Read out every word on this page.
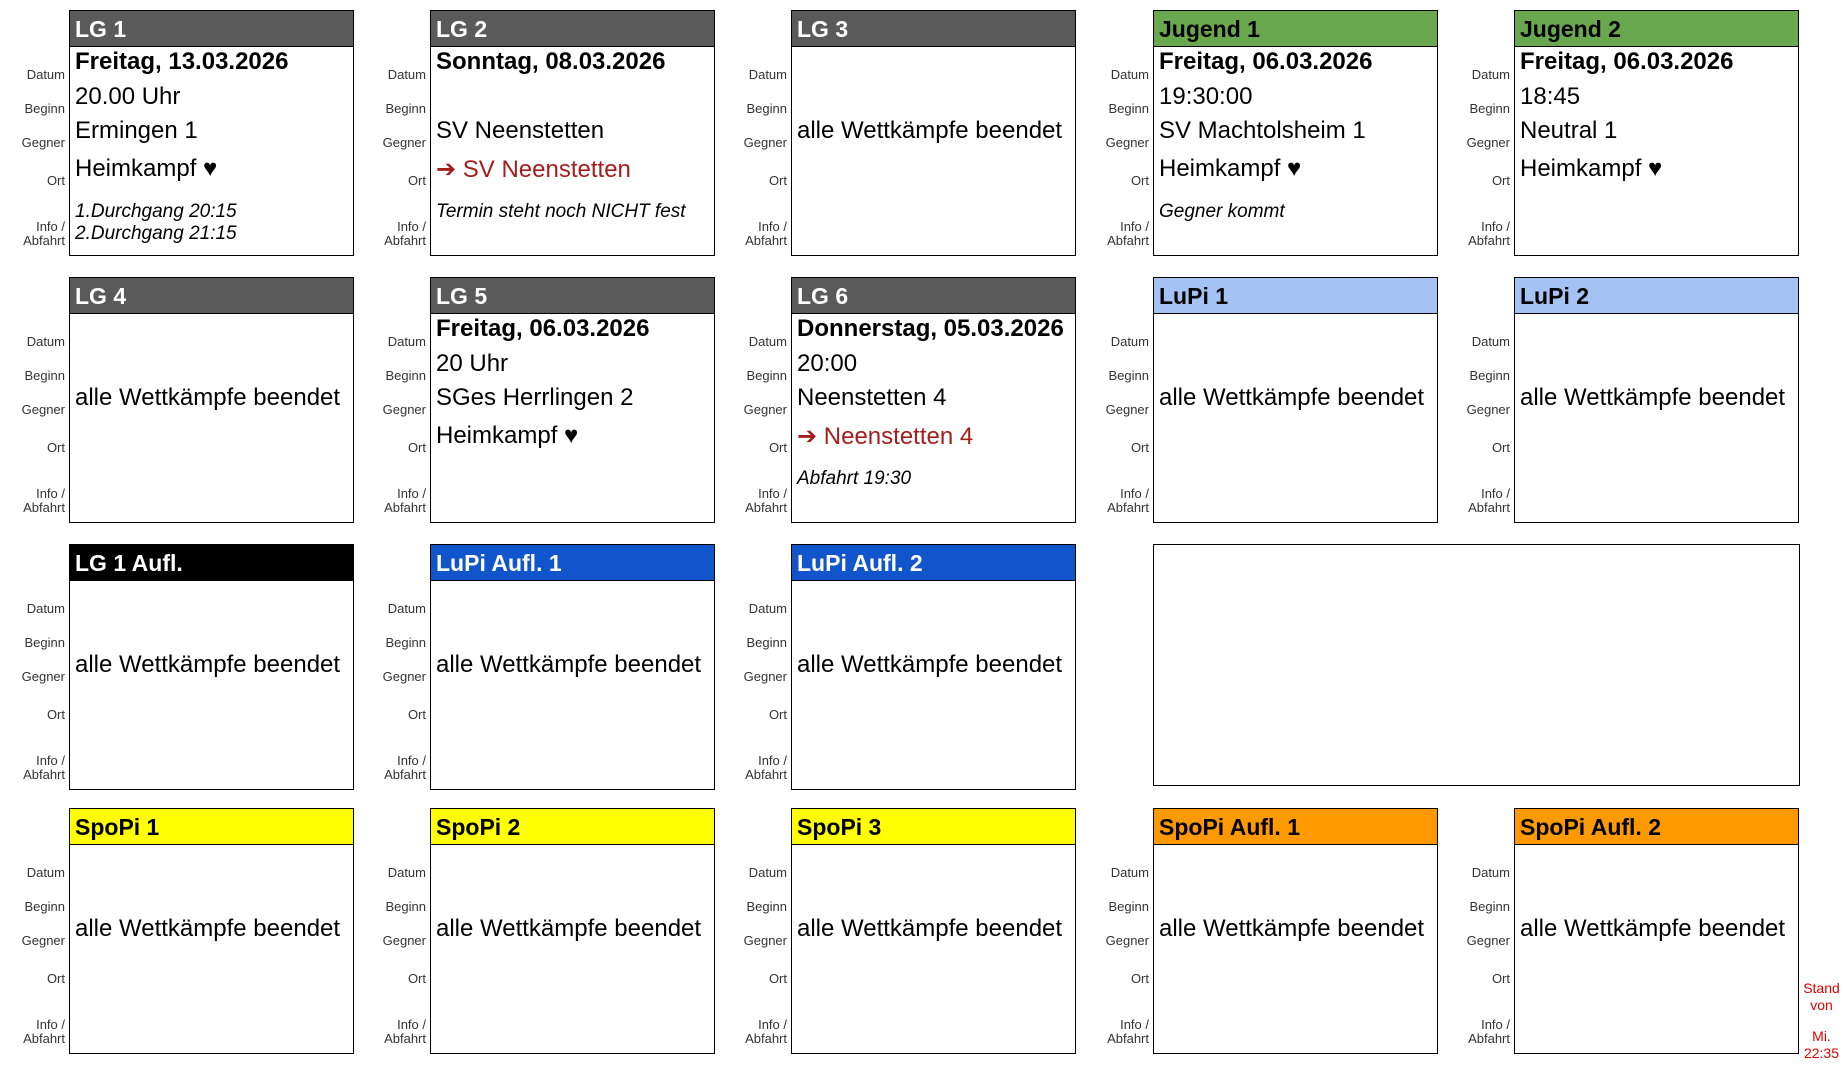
Datum
Beginn
Gegner
Ort
Info /
Abfahrt
LG 1
Freitag, 13.03.2026
20.00 Uhr
Ermingen 1
Heimkampf ♥
1.Durchgang 20:15
2.Durchgang 21:15
Datum
Beginn
Gegner
Ort
Info /
Abfahrt
LG 2
Sonntag, 08.03.2026
SV Neenstetten
➔ SV Neenstetten
Termin steht noch NICHT fest
Datum
Beginn
Gegner
Ort
Info /
Abfahrt
LG 3
alle Wettkämpfe beendet
Datum
Beginn
Gegner
Ort
Info /
Abfahrt
Jugend 1
Freitag, 06.03.2026
19:30:00
SV Machtolsheim 1
Heimkampf ♥
Gegner kommt
Datum
Beginn
Gegner
Ort
Info /
Abfahrt
Jugend 2
Freitag, 06.03.2026
18:45
Neutral 1
Heimkampf ♥
Datum
Beginn
Gegner
Ort
Info /
Abfahrt
LG 4
alle Wettkämpfe beendet
Datum
Beginn
Gegner
Ort
Info /
Abfahrt
LG 5
Freitag, 06.03.2026
20 Uhr
SGes Herrlingen 2
Heimkampf ♥
Datum
Beginn
Gegner
Ort
Info /
Abfahrt
LG 6
Donnerstag, 05.03.2026
20:00
Neenstetten 4
➔ Neenstetten 4
Abfahrt 19:30
Datum
Beginn
Gegner
Ort
Info /
Abfahrt
LuPi 1
alle Wettkämpfe beendet
Datum
Beginn
Gegner
Ort
Info /
Abfahrt
LuPi 2
alle Wettkämpfe beendet
Datum
Beginn
Gegner
Ort
Info /
Abfahrt
LG 1 Aufl.
alle Wettkämpfe beendet
Datum
Beginn
Gegner
Ort
Info /
Abfahrt
LuPi Aufl. 1
alle Wettkämpfe beendet
Datum
Beginn
Gegner
Ort
Info /
Abfahrt
LuPi Aufl. 2
alle Wettkämpfe beendet
Datum
Beginn
Gegner
Ort
Info /
Abfahrt
SpoPi 1
alle Wettkämpfe beendet
Datum
Beginn
Gegner
Ort
Info /
Abfahrt
SpoPi 2
alle Wettkämpfe beendet
Datum
Beginn
Gegner
Ort
Info /
Abfahrt
SpoPi 3
alle Wettkämpfe beendet
Datum
Beginn
Gegner
Ort
Info /
Abfahrt
SpoPi Aufl. 1
alle Wettkämpfe beendet
Datum
Beginn
Gegner
Ort
Info /
Abfahrt
SpoPi Aufl. 2
alle Wettkämpfe beendet
Stand
von
Mi.
22:35
